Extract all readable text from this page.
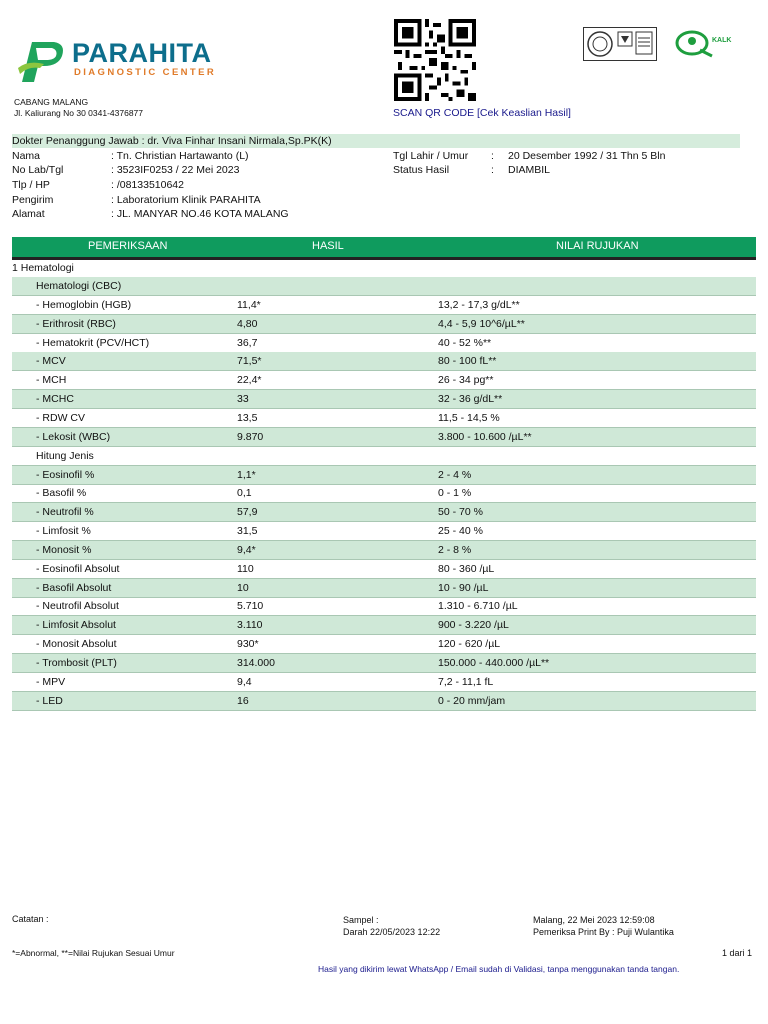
PARAHITA
DIAGNOSTIC CENTER
CABANG MALANG
Jl. Kaliurang No 30 0341-4376877	SCAN QR CODE [Cek Keaslian Hasil]
KALK
Dokter Penanggung Jawab : dr. Viva Finhar Insani Nirmala,Sp.PK(K)
Nama	: Tn. Christian Hartawanto (L)
No Lab/Tgl	: 3523IF0253 / 22 Mei 2023
Tlp / HP	: /08133510642
Pengirim	: Laboratorium Klinik PARAHITA
Alamat	: JL. MANYAR NO.46 KOTA MALANG
Tgl Lahir / Umur : 20 Desember 1992 / 31 Thn 5 Bln
Status Hasil	: DIAMBIL
PEMERIKSAAN	HASIL	NILAI RUJUKAN
1 Hematologi
Hematologi (CBC)
- Hemoglobin (HGB)	11,4*	13,2 - 17,3 g/dL**
- Erithrosit (RBC)	4,80	4,4 - 5,9 10^6/µL**
- Hematokrit (PCV/HCT)	36,7	40 - 52 %**
- MCV	71,5*	80 - 100 fL**
- MCH	22,4*	26 - 34 pg**
- MCHC	33	32 - 36 g/dL**
- RDW CV	13,5	11,5 - 14,5 %
- Lekosit (WBC)	9.870	3.800 - 10.600 /µL**
Hitung Jenis
- Eosinofil %	1,1*	2 - 4 %
- Basofil %	0,1	0 - 1 %
- Neutrofil %	57,9	50 - 70 %
- Limfosit %	31,5	25 - 40 %
- Monosit %	9,4*	2 - 8 %
- Eosinofil Absolut	110	80 - 360 /µL
- Basofil Absolut	10	10 - 90 /µL
- Neutrofil Absolut	5.710	1.310 - 6.710 /µL
- Limfosit Absolut	3.110	900 - 3.220 /µL
- Monosit Absolut	930*	120 - 620 /µL
- Trombosit (PLT)	314.000	150.000 - 440.000 /µL**
- MPV	9,4	7,2 - 11,1 fL
- LED	16	0 - 20 mm/jam
Catatan :	Sampel :
Darah 22/05/2023 12:22
Malang, 22 Mei 2023 12:59:08
Pemeriksa Print By : Puji Wulantika
*=Abnormal, **=Nilai Rujukan Sesuai Umur	1 dari 1
Hasil yang dikirim lewat WhatsApp / Email sudah di Validasi, tanpa menggunakan tanda tangan.
